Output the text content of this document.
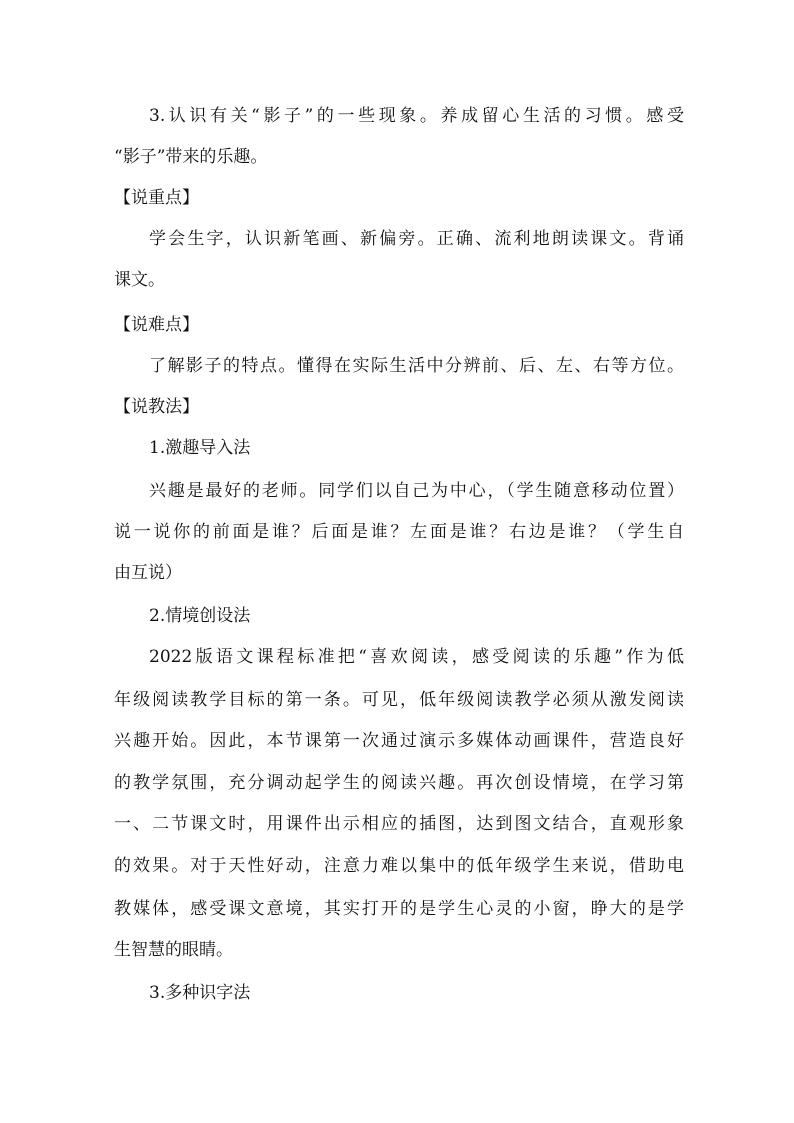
3.认识有关“影子”的一些现象。养成留心生活的习惯。感受
“影子”带来的乐趣。
【说重点】
学会生字，认识新笔画、新偏旁。正确、流利地朗读课文。背诵
课文。
【说难点】
了解影子的特点。懂得在实际生活中分辨前、后、左、右等方位。
【说教法】
1.激趣导入法
兴趣是最好的老师。同学们以自己为中心，（学生随意移动位置）
说一说你的前面是谁？后面是谁？左面是谁？右边是谁？（学生自
由互说）
2.情境创设法
2022版语文课程标准把“喜欢阅读，感受阅读的乐趣”作为低
年级阅读教学目标的第一条。可见，低年级阅读教学必须从激发阅读
兴趣开始。因此，本节课第一次通过演示多媒体动画课件，营造良好
的教学氛围，充分调动起学生的阅读兴趣。再次创设情境，在学习第
一、二节课文时，用课件出示相应的插图，达到图文结合，直观形象
的效果。对于天性好动，注意力难以集中的低年级学生来说，借助电
教媒体，感受课文意境，其实打开的是学生心灵的小窗，睁大的是学
生智慧的眼睛。
3.多种识字法
